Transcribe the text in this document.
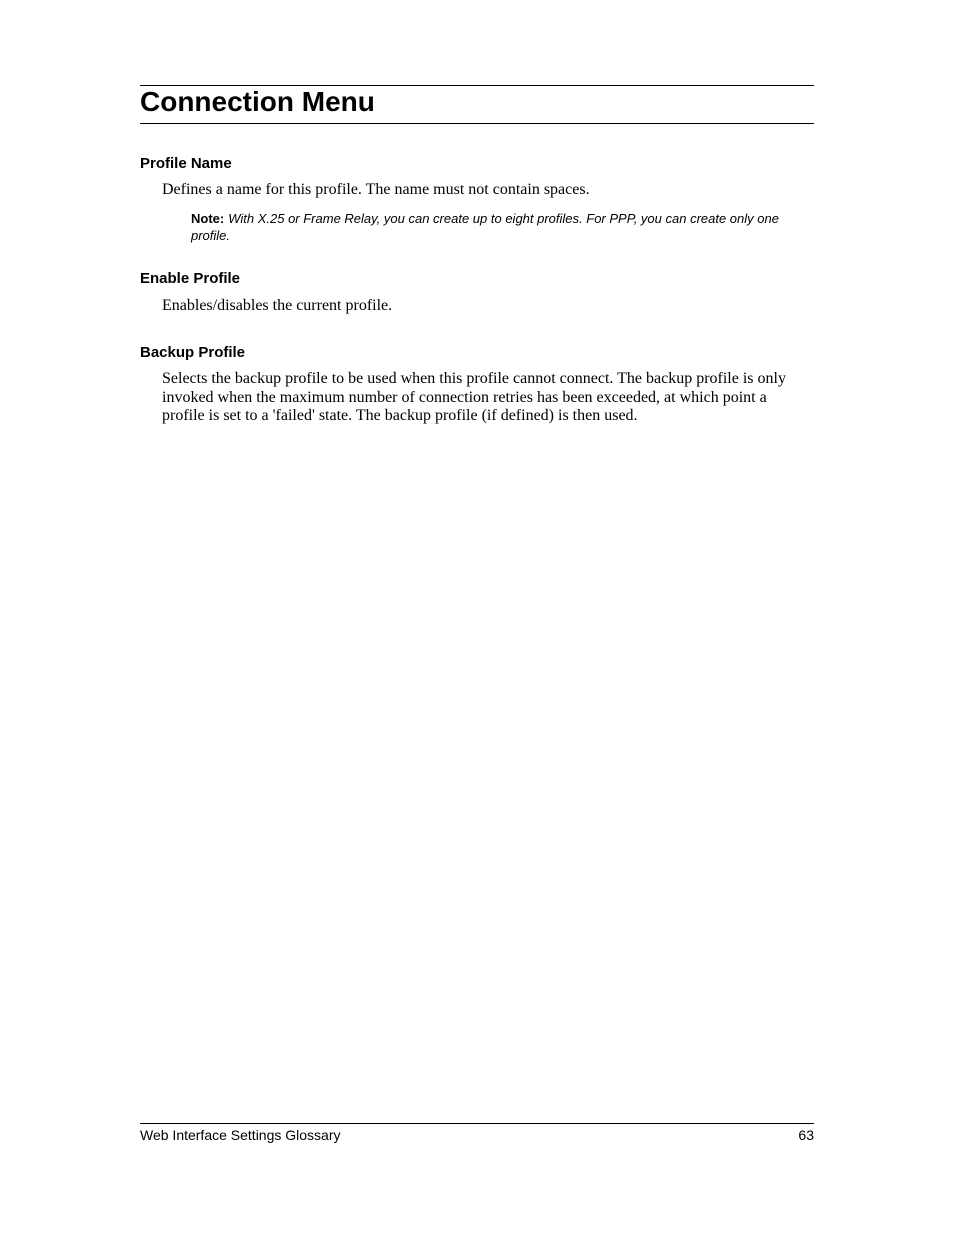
Connection Menu
Profile Name

Defines a name for this profile. The name must not contain spaces.

Note: With X.25 or Frame Relay, you can create up to eight profiles. For PPP, you can create only one profile.

Enable Profile

Enables/disables the current profile.

Backup Profile

Selects the backup profile to be used when this profile cannot connect. The backup profile is only invoked when the maximum number of connection retries has been exceeded, at which point a profile is set to a 'failed' state. The backup profile (if defined) is then used.

Web Interface Settings Glossary	63
